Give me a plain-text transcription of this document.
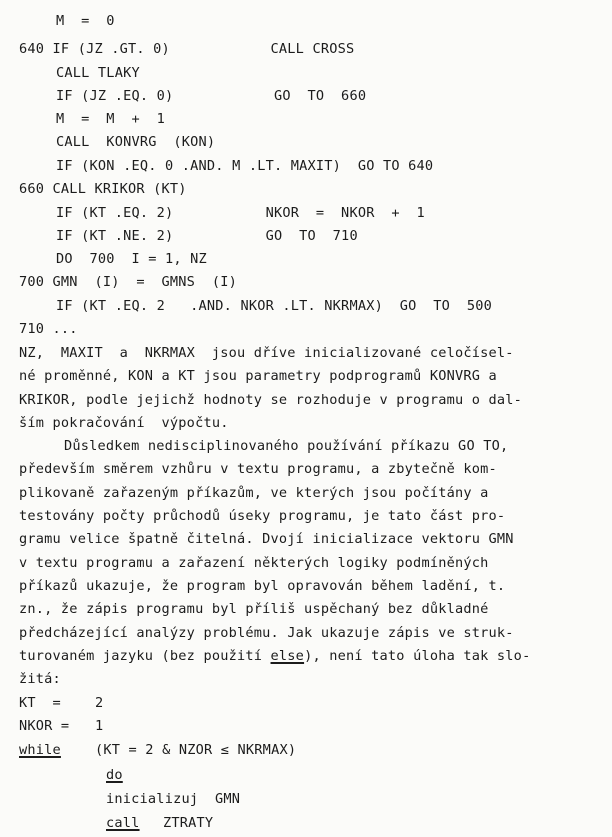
M  =  0
640 IF (JZ .GT. 0)            CALL CROSS
CALL TLAKY
IF (JZ .EQ. 0)            GO  TO  660
M  =  M  +  1
CALL  KONVRG  (KON)
IF (KON .EQ. 0 .AND. M .LT. MAXIT)  GO TO 640
660 CALL KRIKOR (KT)
IF (KT .EQ. 2)           NKOR  =  NKOR  +  1
IF (KT .NE. 2)           GO  TO  710
DO  700  I = 1, NZ
700 GMN  (I)  =  GMNS  (I)
IF (KT .EQ. 2   .AND. NKOR .LT. NKRMAX)  GO  TO  500
710 ...
NZ,  MAXIT  a  NKRMAX  jsou dříve inicializované celočísel-
né proměnné, KON a KT jsou parametry podprogramů KONVRG a
KRIKOR, podle jejichž hodnoty se rozhoduje v programu o dal-
ším pokračování  výpočtu.
Důsledkem nedisciplinovaného používání příkazu GO TO,
především směrem vzhůru v textu programu, a zbytečně kom-
plikovaně zařazeným příkazům, ve kterých jsou počítány a
testovány počty průchodů úseky programu, je tato část pro-
gramu velice špatně čitelná. Dvojí inicializace vektoru GMN
v textu programu a zařazení některých logiky podmíněných
příkazů ukazuje, že program byl opravován během ladění, t.
zn., že zápis programu byl příliš uspěchaný bez důkladné
předcházející analýzy problému. Jak ukazuje zápis ve struk-
turovaném jazyku (bez použití else), není tato úloha tak slo-
žitá:
KT  =	2
NKOR = 1
while	(KT = 2 & NZOR ≤ NKRMAX)
do
inicializuj  GMN
call ZTRATY
